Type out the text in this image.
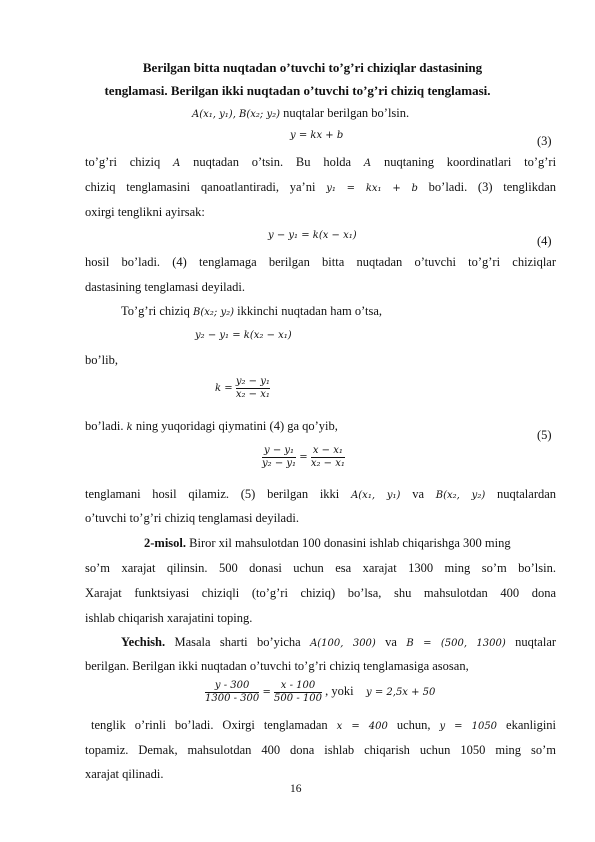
Berilgan bitta nuqtadan o’tuvchi to’g’ri chiziqlar dastasining
tenglamasi. Berilgan ikki nuqtadan o’tuvchi to’g’ri chiziq tenglamasi.
A(x₁, y₁), B(x₂; y₂) nuqtalar berilgan bo’lsin.
y = kx + b	(3)
to’g’ri chiziq A nuqtadan o’tsin. Bu holda A nuqtaning koordinatlari to’g’ri
chiziq tenglamasini qanoatlantiradi, ya’ni y₁ = kx₁ + b bo’ladi. (3) tenglikdan
oxirgi tenglikni ayirsak:
y − y₁ = k(x − x₁)	(4)
hosil bo’ladi. (4) tenglamaga berilgan bitta nuqtadan o’tuvchi to’g’ri chiziqlar
dastasining tenglamasi deyiladi.
To’g’ri chiziq B(x₂; y₂) ikkinchi nuqtadan ham o’tsa,
y₂ − y₁ = k(x₂ − x₁)
bo’lib,
$k = \frac{\text{y₂ − y₁}}{\text{x₂ − x₁}}$
bo’ladi. k ning yuqoridagi qiymatini (4) ga qo’yib,
$\frac{\text{y − y₁}}{\text{y₂ − y₁}} = \frac{\text{x − x₁}}{\text{x₂ − x₁}}$
(5)
tenglamani hosil qilamiz. (5) berilgan ikki A(x₁, y₁) va B(x₂, y₂) nuqtalardan
o’tuvchi to’g’ri chiziq tenglamasi deyiladi.
2-misol. Biror xil mahsulotdan 100 donasini ishlab chiqarishga 300 ming
so’m xarajat qilinsin. 500 donasi uchun esa xarajat 1300 ming so’m bo’lsin.
Xarajat funktsiyasi chiziqli (to’g’ri chiziq) bo’lsa, shu mahsulotdan 400 dona
ishlab chiqarish xarajatini toping.
Yechish. Masala sharti bo’yicha A(100, 300) va B = (500, 1300) nuqtalar
berilgan. Berilgan ikki nuqtadan o’tuvchi to’g’ri chiziq tenglamasiga asosan,
$\frac{y - 300}{1300 - 300} = \frac{x - 100}{500 - 100}$ , yoki y = 2,5x + 50
tenglik o’rinli bo’ladi. Oxirgi tenglamadan x = 400 uchun, y = 1050 ekanligini
topamiz. Demak, mahsulotdan 400 dona ishlab chiqarish uchun 1050 ming so’m
xarajat qilinadi.
16
